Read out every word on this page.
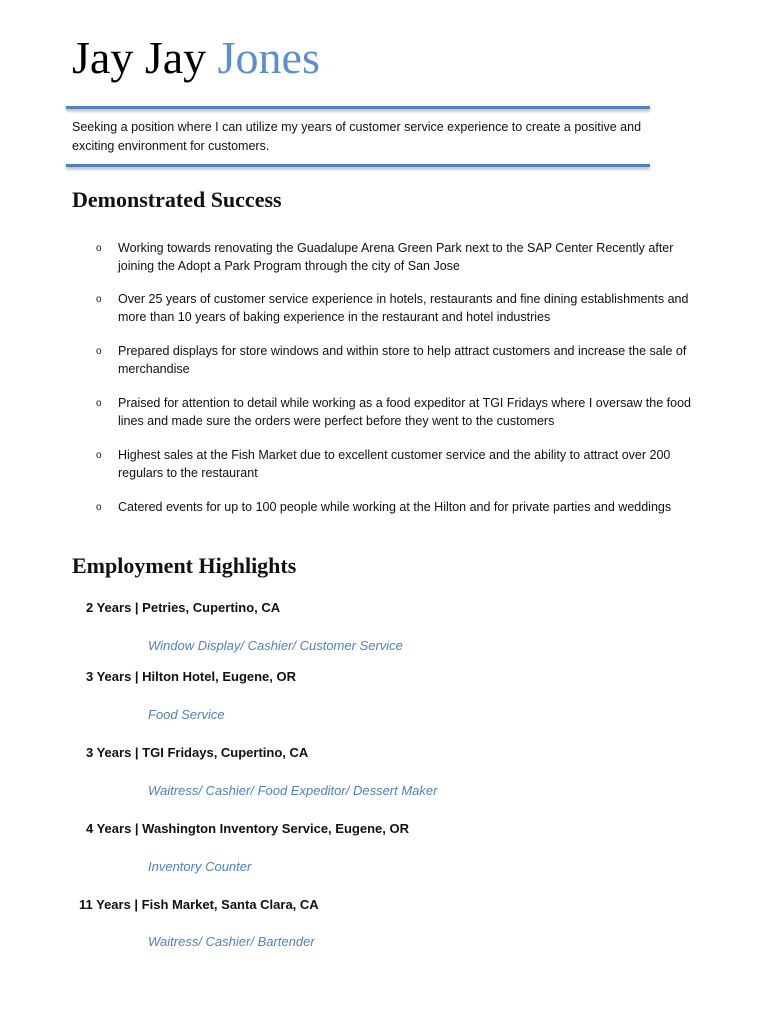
Jay Jay Jones

Seeking a position where I can utilize my years of customer service experience to create a positive and exciting environment for customers.

Demonstrated Success
o Working towards renovating the Guadalupe Arena Green Park next to the SAP Center Recently after joining the Adopt a Park Program through the city of San Jose
o Over 25 years of customer service experience in hotels, restaurants and fine dining establishments and more than 10 years of baking experience in the restaurant and hotel industries
o Prepared displays for store windows and within store to help attract customers and increase the sale of merchandise
o Praised for attention to detail while working as a food expeditor at TGI Fridays where I oversaw the food lines and made sure the orders were perfect before they went to the customers
o Highest sales at the Fish Market due to excellent customer service and the ability to attract over 200 regulars to the restaurant
o Catered events for up to 100 people while working at the Hilton and for private parties and weddings
Employment Highlights

2 Years | Petries, Cupertino, CA

Window Display/ Cashier/ Customer Service

3 Years | Hilton Hotel, Eugene, OR

Food Service

3 Years | TGI Fridays, Cupertino, CA

Waitress/ Cashier/ Food Expeditor/ Dessert Maker

4 Years | Washington Inventory Service, Eugene, OR

Inventory Counter

11 Years | Fish Market, Santa Clara, CA

Waitress/ Cashier/ Bartender
